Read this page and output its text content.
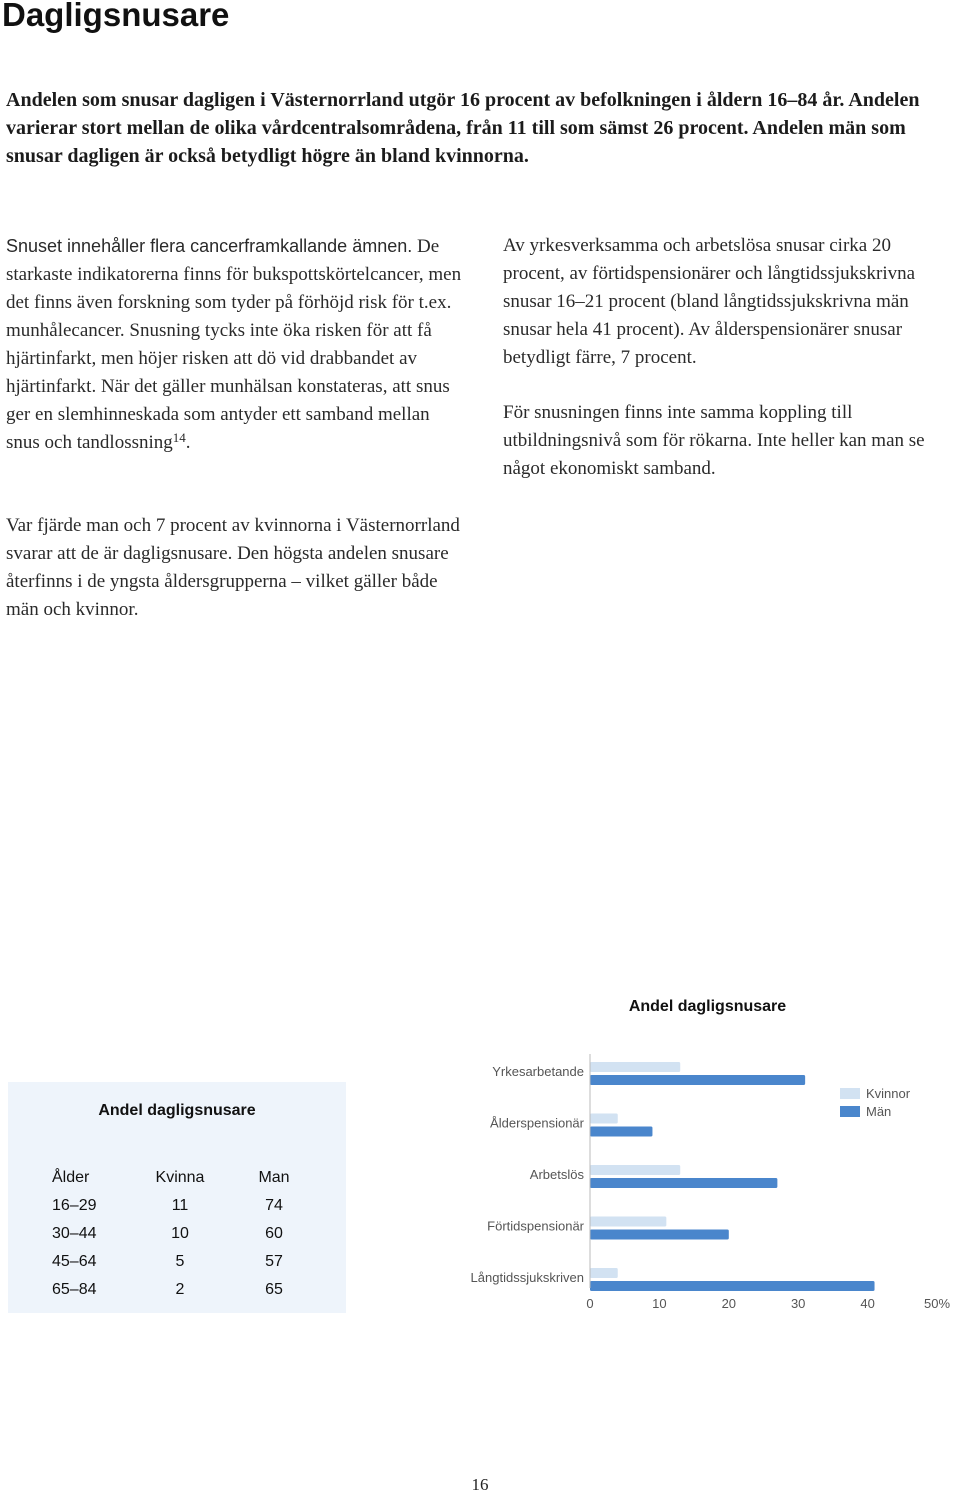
Dagligsnusare

Andelen som snusar dagligen i Västernorrland utgör 16 procent av befolkningen i åldern 16–84 år. Andelen varierar stort mellan de olika vårdcentralsområdena, från 11 till som sämst 26 procent. Andelen män som snusar dagligen är också betydligt högre än bland kvinnorna.

Snuset innehåller flera cancerframkallande ämnen. De starkaste indikatorerna finns för bukspottskörtelcancer, men det finns även forskning som tyder på förhöjd risk för t.ex. munhålecancer. Snusning tycks inte öka risken för att få hjärtinfarkt, men höjer risken att dö vid drabbandet av hjärtinfarkt. När det gäller munhälsan konstateras, att snus ger en slemhinneskada som antyder ett samband mellan snus och tandlossning$^{14}$.

Av yrkesverksamma och arbetslösa snusar cirka 20 procent, av förtidspensionärer och långtidssjukskrivna snusar 16–21 procent (bland långtidssjukskrivna män snusar hela 41 procent). Av ålderspensionärer snusar betydligt färre, 7 procent.

För snusningen finns inte samma koppling till utbildningsnivå som för rökarna. Inte heller kan man se något ekonomiskt samband.

Var fjärde man och 7 procent av kvinnorna i Västernorrland svarar att de är dagligsnusare. Den högsta andelen snusare återfinns i de yngsta åldersgrupperna – vilket gäller både män och kvinnor.

Andel dagligsnusare
Ålder	Kvinna	Man
16–29	11	74
30–44	10	60
45–64	5	57
65–84	2	65
Andel dagligsnusare
Yrkesarbetande
Ålderspensionär
Arbetslös
Förtidspensionär
Långtidssjukskriven
0	10	20	30	40	50%
Kvinnor
Män
16
